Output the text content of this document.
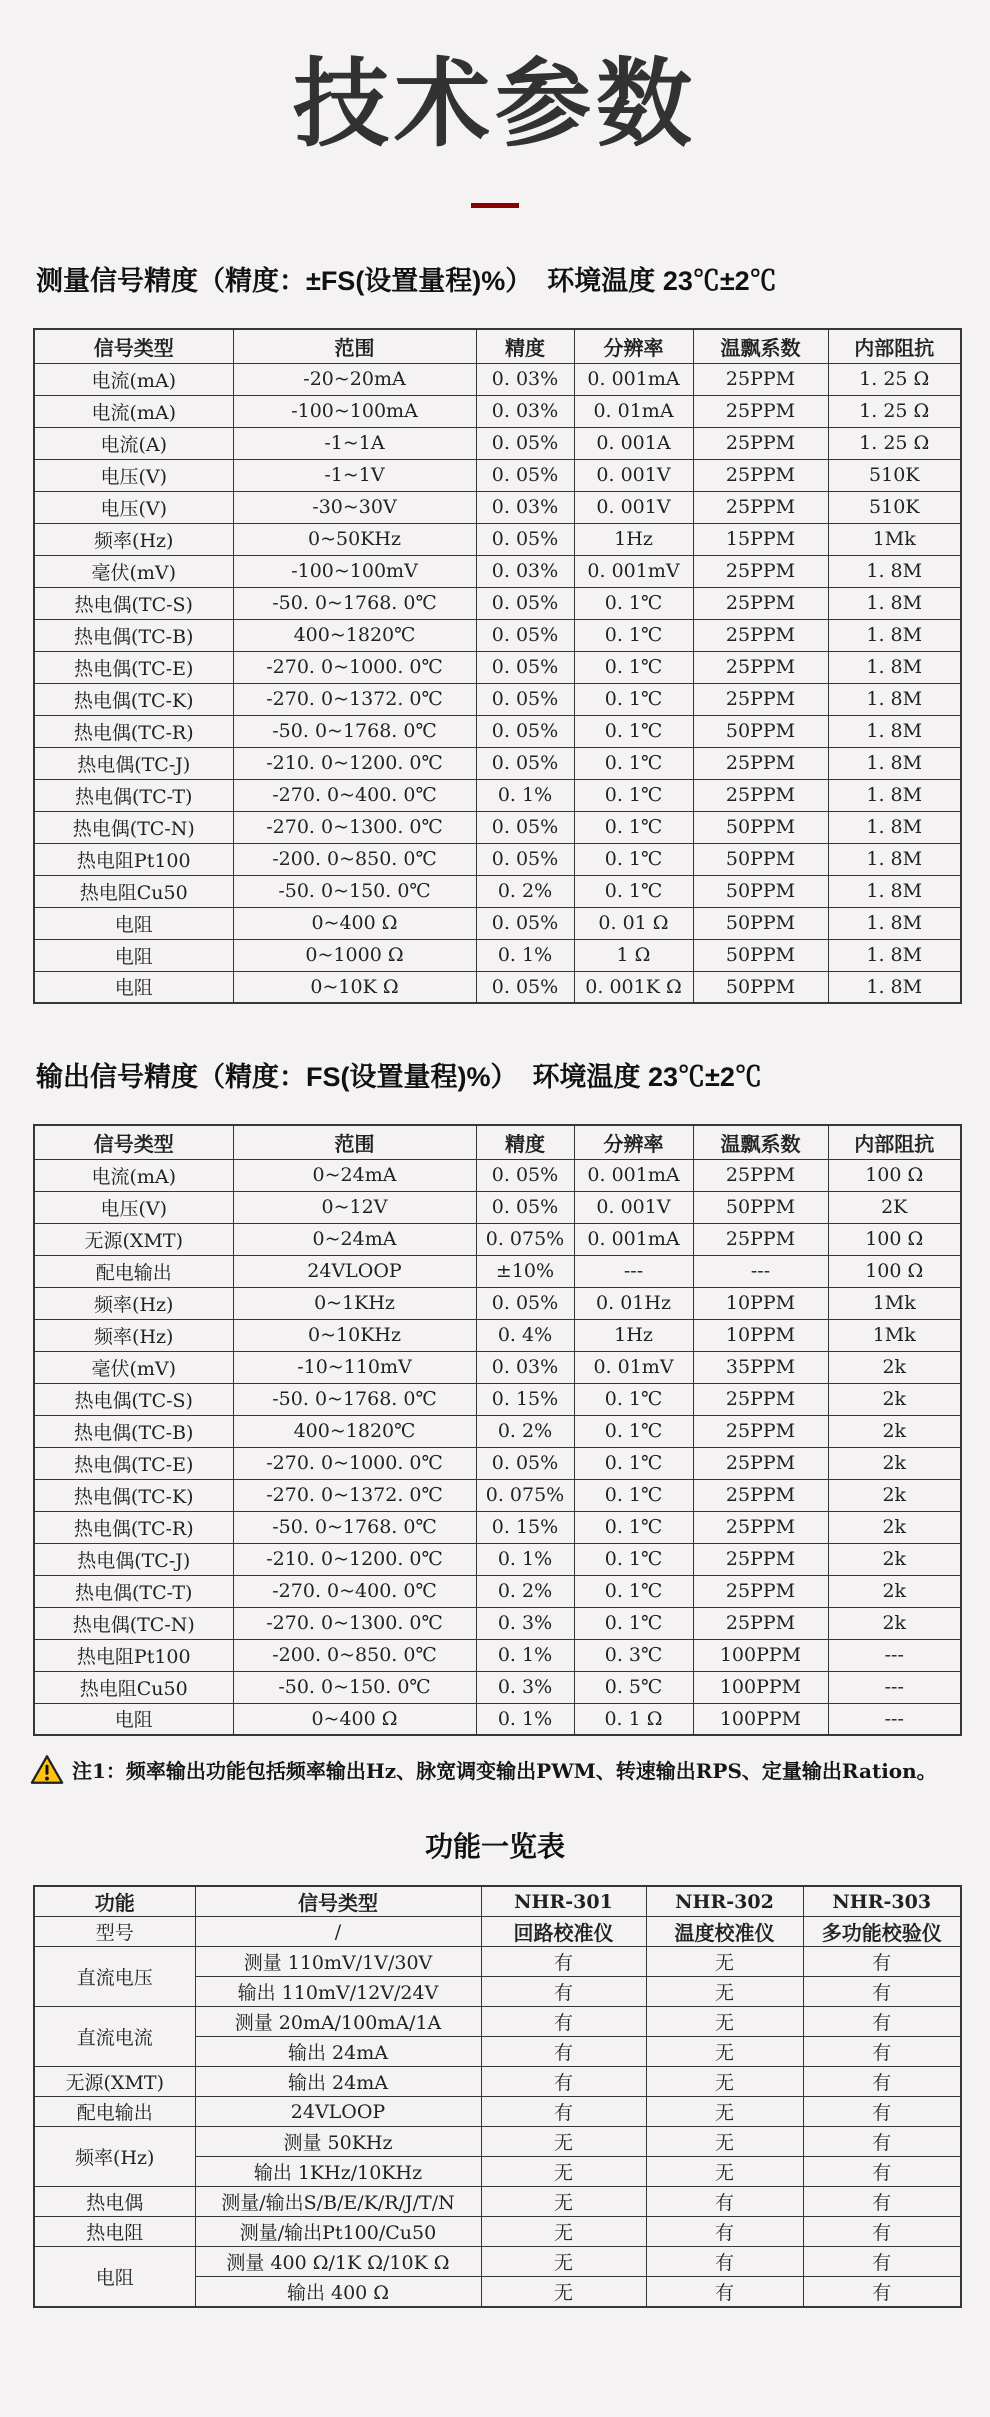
技术参数
测量信号精度（精度：±FS(设置量程)%）  环境温度 23℃±2℃
信号类型	范围	精度	分辨率	温飘系数	内部阻抗
电流(mA)	-20~20mA	0. 03%	0. 001mA	25PPM	1. 25 Ω
电流(mA)	-100~100mA	0. 03%	0. 01mA	25PPM	1. 25 Ω
电流(A)	-1~1A	0. 05%	0. 001A	25PPM	1. 25 Ω
电压(V)	-1~1V	0. 05%	0. 001V	25PPM	510K
电压(V)	-30~30V	0. 03%	0. 001V	25PPM	510K
频率(Hz)	0~50KHz	0. 05%	1Hz	15PPM	1Mk
毫伏(mV)	-100~100mV	0. 03%	0. 001mV	25PPM	1. 8M
热电偶(TC-S)	-50. 0~1768. 0℃	0. 05%	0. 1℃	25PPM	1. 8M
热电偶(TC-B)	400~1820℃	0. 05%	0. 1℃	25PPM	1. 8M
热电偶(TC-E)	-270. 0~1000. 0℃	0. 05%	0. 1℃	25PPM	1. 8M
热电偶(TC-K)	-270. 0~1372. 0℃	0. 05%	0. 1℃	25PPM	1. 8M
热电偶(TC-R)	-50. 0~1768. 0℃	0. 05%	0. 1℃	50PPM	1. 8M
热电偶(TC-J)	-210. 0~1200. 0℃	0. 05%	0. 1℃	25PPM	1. 8M
热电偶(TC-T)	-270. 0~400. 0℃	0. 1%	0. 1℃	25PPM	1. 8M
热电偶(TC-N)	-270. 0~1300. 0℃	0. 05%	0. 1℃	50PPM	1. 8M
热电阻Pt100	-200. 0~850. 0℃	0. 05%	0. 1℃	50PPM	1. 8M
热电阻Cu50	-50. 0~150. 0℃	0. 2%	0. 1℃	50PPM	1. 8M
电阻	0~400 Ω	0. 05%	0. 01 Ω	50PPM	1. 8M
电阻	0~1000 Ω	0. 1%	1 Ω	50PPM	1. 8M
电阻	0~10K Ω	0. 05%	0. 001K Ω	50PPM	1. 8M
输出信号精度（精度：FS(设置量程)%）  环境温度 23℃±2℃
信号类型	范围	精度	分辨率	温飘系数	内部阻抗
电流(mA)	0~24mA	0. 05%	0. 001mA	25PPM	100 Ω
电压(V)	0~12V	0. 05%	0. 001V	50PPM	2K
无源(XMT)	0~24mA	0. 075%	0. 001mA	25PPM	100 Ω
配电输出	24VLOOP	±10%	---	---	100 Ω
频率(Hz)	0~1KHz	0. 05%	0. 01Hz	10PPM	1Mk
频率(Hz)	0~10KHz	0. 4%	1Hz	10PPM	1Mk
毫伏(mV)	-10~110mV	0. 03%	0. 01mV	35PPM	2k
热电偶(TC-S)	-50. 0~1768. 0℃	0. 15%	0. 1℃	25PPM	2k
热电偶(TC-B)	400~1820℃	0. 2%	0. 1℃	25PPM	2k
热电偶(TC-E)	-270. 0~1000. 0℃	0. 05%	0. 1℃	25PPM	2k
热电偶(TC-K)	-270. 0~1372. 0℃	0. 075%	0. 1℃	25PPM	2k
热电偶(TC-R)	-50. 0~1768. 0℃	0. 15%	0. 1℃	25PPM	2k
热电偶(TC-J)	-210. 0~1200. 0℃	0. 1%	0. 1℃	25PPM	2k
热电偶(TC-T)	-270. 0~400. 0℃	0. 2%	0. 1℃	25PPM	2k
热电偶(TC-N)	-270. 0~1300. 0℃	0. 3%	0. 1℃	25PPM	2k
热电阻Pt100	-200. 0~850. 0℃	0. 1%	0. 3℃	100PPM	---
热电阻Cu50	-50. 0~150. 0℃	0. 3%	0. 5℃	100PPM	---
电阻	0~400 Ω	0. 1%	0. 1 Ω	100PPM	---
注1：频率输出功能包括频率输出Hz、脉宽调变输出PWM、转速输出RPS、定量输出Ration。
功能一览表
功能	信号类型	NHR-301	NHR-302	NHR-303
型号	/	回路校准仪	温度校准仪	多功能校验仪
直流电压	测量 110mV/1V/30V	有	无	有
	输出 110mV/12V/24V	有	无	有
直流电流	测量 20mA/100mA/1A	有	无	有
	输出 24mA	有	无	有
无源(XMT)	输出 24mA	有	无	有
配电输出	24VLOOP	有	无	有
频率(Hz)	测量 50KHz	无	无	有
	输出 1KHz/10KHz	无	无	有
热电偶	测量/输出S/B/E/K/R/J/T/N	无	有	有
热电阻	测量/输出Pt100/Cu50	无	有	有
电阻	测量 400 Ω/1K Ω/10K Ω	无	有	有
	输出 400 Ω	无	有	有
